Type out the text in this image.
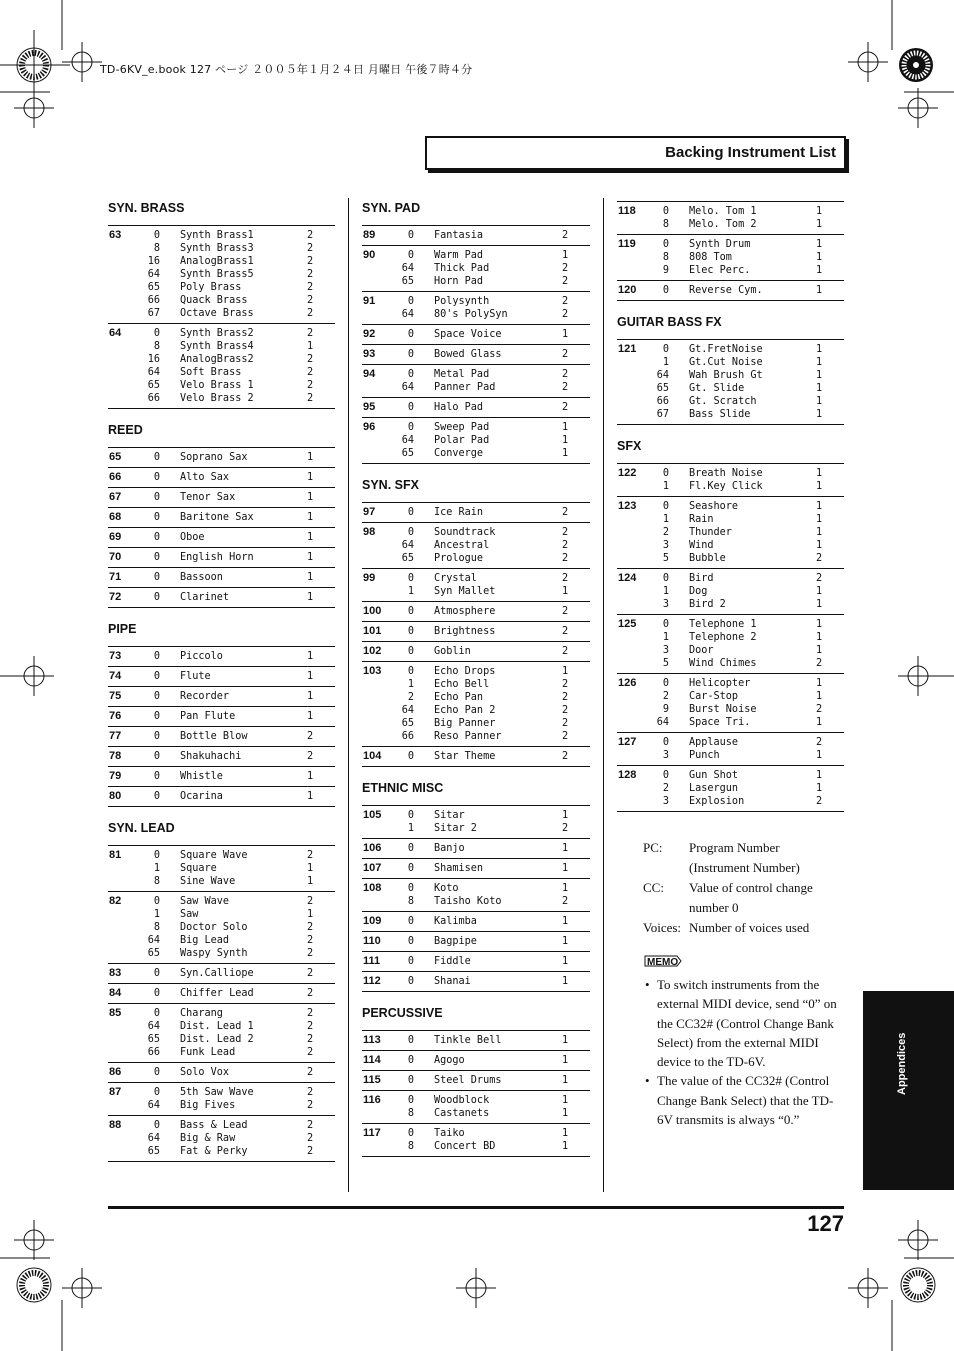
TD-6KV_e.book 127 ページ ２００５年１月２４日 月曜日 午後７時４分
Backing Instrument List
SYN. BRASS
63	0	Synth Brass1	2
8	Synth Brass3	2
16	AnalogBrass1	2
64	Synth Brass5	2
65	Poly Brass	2
66	Quack Brass	2
67	Octave Brass	2
64	0	Synth Brass2	2
8	Synth Brass4	1
16	AnalogBrass2	2
64	Soft Brass	2
65	Velo Brass 1	2
66	Velo Brass 2	2
REED
65	0	Soprano Sax	1
66	0	Alto Sax	1
67	0	Tenor Sax	1
68	0	Baritone Sax	1
69	0	Oboe	1
70	0	English Horn	1
71	0	Bassoon	1
72	0	Clarinet	1
PIPE
73	0	Piccolo	1
74	0	Flute	1
75	0	Recorder	1
76	0	Pan Flute	1
77	0	Bottle Blow	2
78	0	Shakuhachi	2
79	0	Whistle	1
80	0	Ocarina	1
SYN. LEAD
81	0	Square Wave	2
1	Square	1
8	Sine Wave	1
82	0	Saw Wave	2
1	Saw	1
8	Doctor Solo	2
64	Big Lead	2
65	Waspy Synth	2
83	0	Syn.Calliope	2
84	0	Chiffer Lead	2
85	0	Charang	2
64	Dist. Lead 1	2
65	Dist. Lead 2	2
66	Funk Lead	2
86	0	Solo Vox	2
87	0	5th Saw Wave	2
64	Big Fives	2
88	0	Bass & Lead	2
64	Big & Raw	2
65	Fat & Perky	2
SYN. PAD
89	0	Fantasia	2
90	0	Warm Pad	1
64	Thick Pad	2
65	Horn Pad	2
91	0	Polysynth	2
64	80's PolySyn	2
92	0	Space Voice	1
93	0	Bowed Glass	2
94	0	Metal Pad	2
64	Panner Pad	2
95	0	Halo Pad	2
96	0	Sweep Pad	1
64	Polar Pad	1
65	Converge	1
SYN. SFX
97	0	Ice Rain	2
98	0	Soundtrack	2
64	Ancestral	2
65	Prologue	2
99	0	Crystal	2
1	Syn Mallet	1
100	0	Atmosphere	2
101	0	Brightness	2
102	0	Goblin	2
103	0	Echo Drops	1
1	Echo Bell	2
2	Echo Pan	2
64	Echo Pan 2	2
65	Big Panner	2
66	Reso Panner	2
104	0	Star Theme	2
ETHNIC MISC
105	0	Sitar	1
1	Sitar 2	2
106	0	Banjo	1
107	0	Shamisen	1
108	0	Koto	1
8	Taisho Koto	2
109	0	Kalimba	1
110	0	Bagpipe	1
111	0	Fiddle	1
112	0	Shanai	1
PERCUSSIVE
113	0	Tinkle Bell	1
114	0	Agogo	1
115	0	Steel Drums	1
116	0	Woodblock	1
8	Castanets	1
117	0	Taiko	1
8	Concert BD	1
118	0	Melo. Tom 1	1
8	Melo. Tom 2	1
119	0	Synth Drum	1
8	808 Tom	1
9	Elec Perc.	1
120	0	Reverse Cym.	1
GUITAR BASS FX
121	0	Gt.FretNoise	1
1	Gt.Cut Noise	1
64	Wah Brush Gt	1
65	Gt. Slide	1
66	Gt. Scratch	1
67	Bass Slide	1
SFX
122	0	Breath Noise	1
1	Fl.Key Click	1
123	0	Seashore	1
1	Rain	1
2	Thunder	1
3	Wind	1
5	Bubble	2
124	0	Bird	2
1	Dog	1
3	Bird 2	1
125	0	Telephone 1	1
1	Telephone 2	1
3	Door	1
5	Wind Chimes	2
126	0	Helicopter	1
2	Car-Stop	1
9	Burst Noise	2
64	Space Tri.	1
127	0	Applause	2
3	Punch	1
128	0	Gun Shot	1
2	Lasergun	1
3	Explosion	2
PC:	Program Number
(Instrument Number)
CC:	Value of control change
number 0
Voices: Number of voices used
MEMO
• To switch instruments from the external MIDI device, send “0” on the CC32# (Control Change Bank Select) from the external MIDI device to the TD-6V.
• The value of the CC32# (Control Change Bank Select) that the TD-6V transmits is always “0.”
Appendices
127
